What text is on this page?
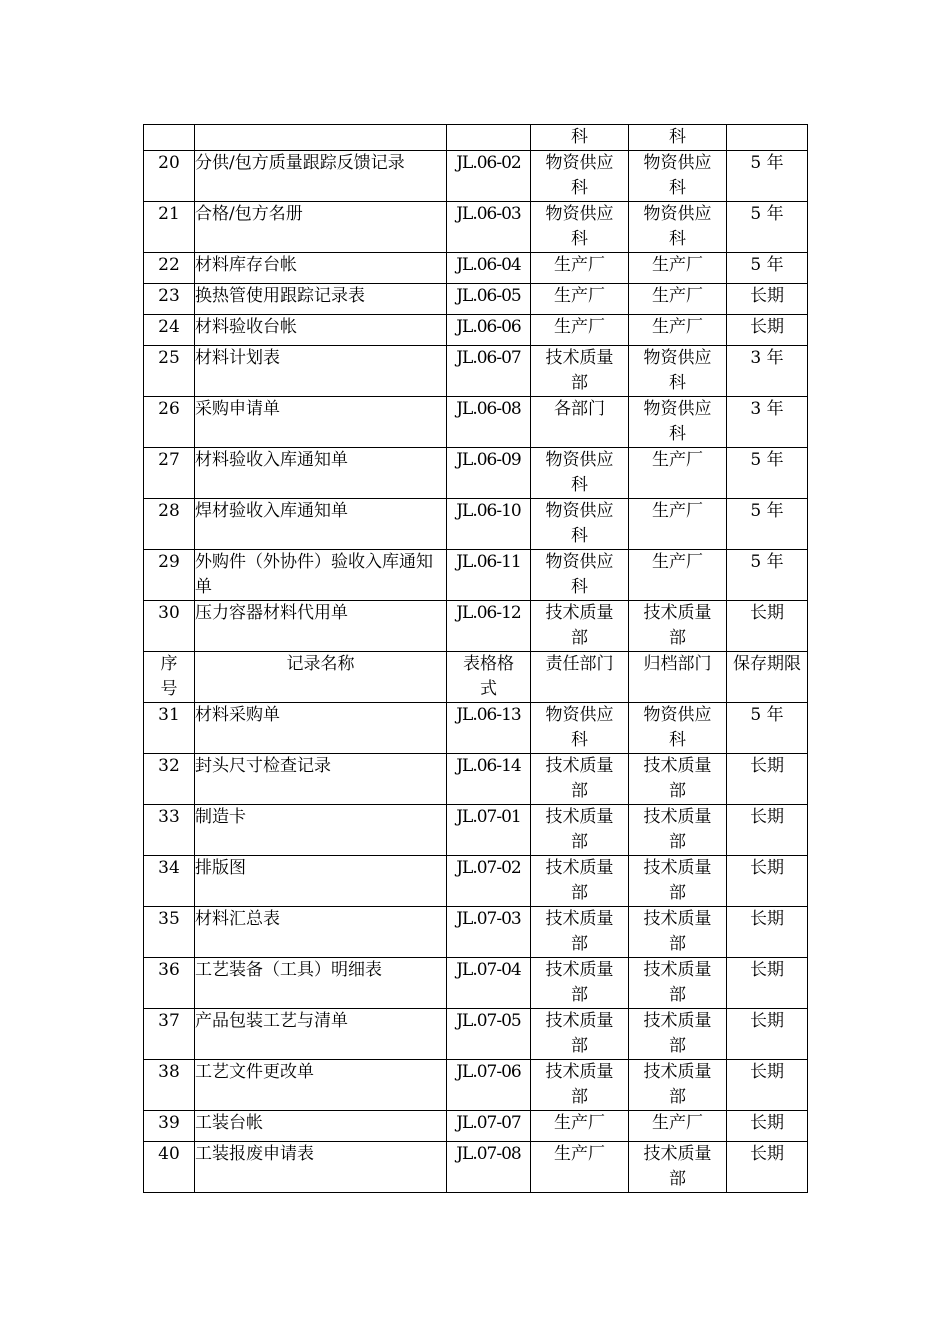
			科	科	
20	分供/包方质量跟踪反馈记录	JL.06-02	物资供应科	物资供应科	5 年
21	合格/包方名册	JL.06-03	物资供应科	物资供应科	5 年
22	材料库存台帐	JL.06-04	生产厂	生产厂	5 年
23	换热管使用跟踪记录表	JL.06-05	生产厂	生产厂	长期
24	材料验收台帐	JL.06-06	生产厂	生产厂	长期
25	材料计划表	JL.06-07	技术质量部	物资供应科	3 年
26	采购申请单	JL.06-08	各部门	物资供应科	3 年
27	材料验收入库通知单	JL.06-09	物资供应科	生产厂	5 年
28	焊材验收入库通知单	JL.06-10	物资供应科	生产厂	5 年
29	外购件（外协件）验收入库通知单	JL.06-11	物资供应科	生产厂	5 年
30	压力容器材料代用单	JL.06-12	技术质量部	技术质量部	长期
序号	记录名称	表格格式	责任部门	归档部门	保存期限
31	材料采购单	JL.06-13	物资供应科	物资供应科	5 年
32	封头尺寸检查记录	JL.06-14	技术质量部	技术质量部	长期
33	制造卡	JL.07-01	技术质量部	技术质量部	长期
34	排版图	JL.07-02	技术质量部	技术质量部	长期
35	材料汇总表	JL.07-03	技术质量部	技术质量部	长期
36	工艺装备（工具）明细表	JL.07-04	技术质量部	技术质量部	长期
37	产品包装工艺与清单	JL.07-05	技术质量部	技术质量部	长期
38	工艺文件更改单	JL.07-06	技术质量部	技术质量部	长期
39	工装台帐	JL.07-07	生产厂	生产厂	长期
40	工装报废申请表	JL.07-08	生产厂	技术质量部	长期
